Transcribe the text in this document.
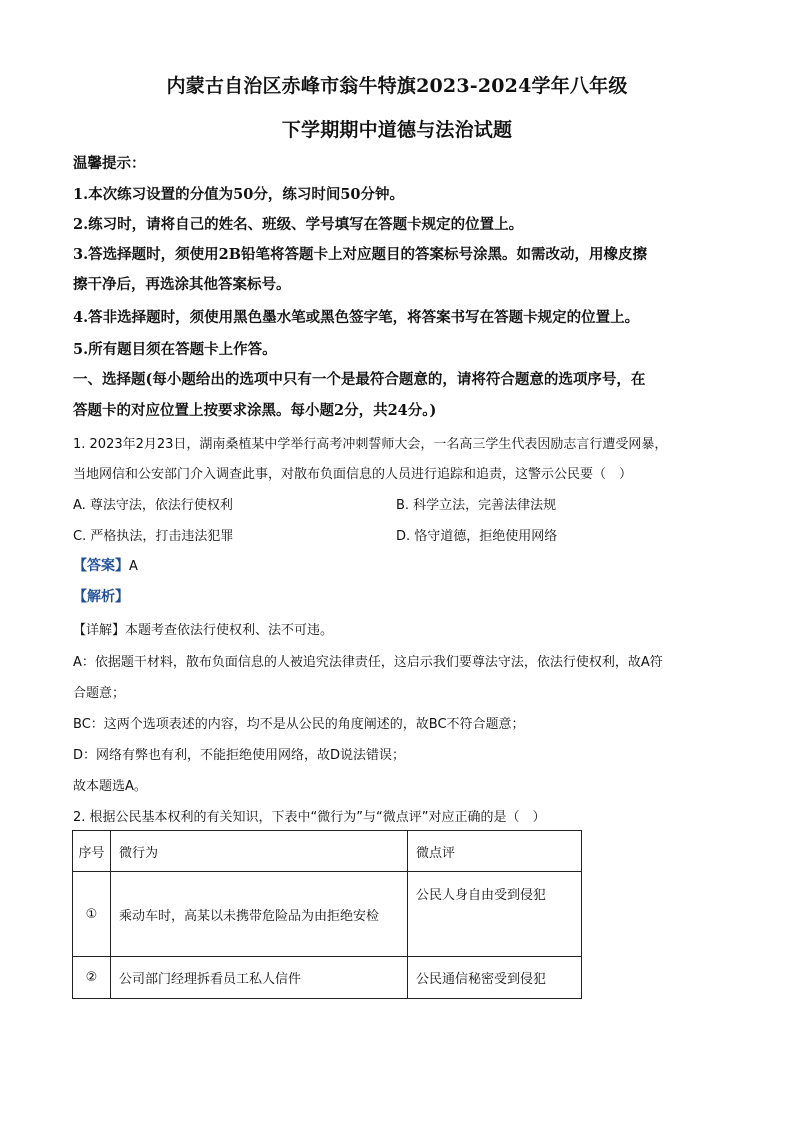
内蒙古自治区赤峰市翁牛特旗2023-2024学年八年级
下学期期中道德与法治试题
温馨提示：
1.本次练习设置的分值为50分，练习时间50分钟。
2.练习时，请将自己的姓名、班级、学号填写在答题卡规定的位置上。
3.答选择题时，须使用2B铅笔将答题卡上对应题目的答案标号涂黑。如需改动，用橡皮擦
擦干净后，再选涂其他答案标号。
4.答非选择题时，须使用黑色墨水笔或黑色签字笔，将答案书写在答题卡规定的位置上。
5.所有题目须在答题卡上作答。
一、选择题(每小题给出的选项中只有一个是最符合题意的，请将符合题意的选项序号，在
答题卡的对应位置上按要求涂黑。每小题2分，共24分。)
1. 2023年2月23日，湖南桑植某中学举行高考冲刺誓师大会，一名高三学生代表因励志言行遭受网暴，
当地网信和公安部门介入调查此事，对散布负面信息的人员进行追踪和追责，这警示公民要（　）
A. 尊法守法，依法行使权利	B. 科学立法，完善法律法规
C. 严格执法，打击违法犯罪	D. 恪守道德，拒绝使用网络
【答案】A
【解析】
【详解】本题考查依法行使权利、法不可违。
A：依据题干材料，散布负面信息的人被追究法律责任，这启示我们要尊法守法，依法行使权利，故A符
合题意；
BC：这两个选项表述的内容，均不是从公民的角度阐述的，故BC不符合题意；
D：网络有弊也有利，不能拒绝使用网络，故D说法错误；
故本题选A。
2. 根据公民基本权利的有关知识，下表中“微行为”与“微点评”对应正确的是（　）
序号	微行为	微点评
①	乘动车时，高某以未携带危险品为由拒绝安检	公民人身自由受到侵犯
②	公司部门经理拆看员工私人信件	公民通信秘密受到侵犯
